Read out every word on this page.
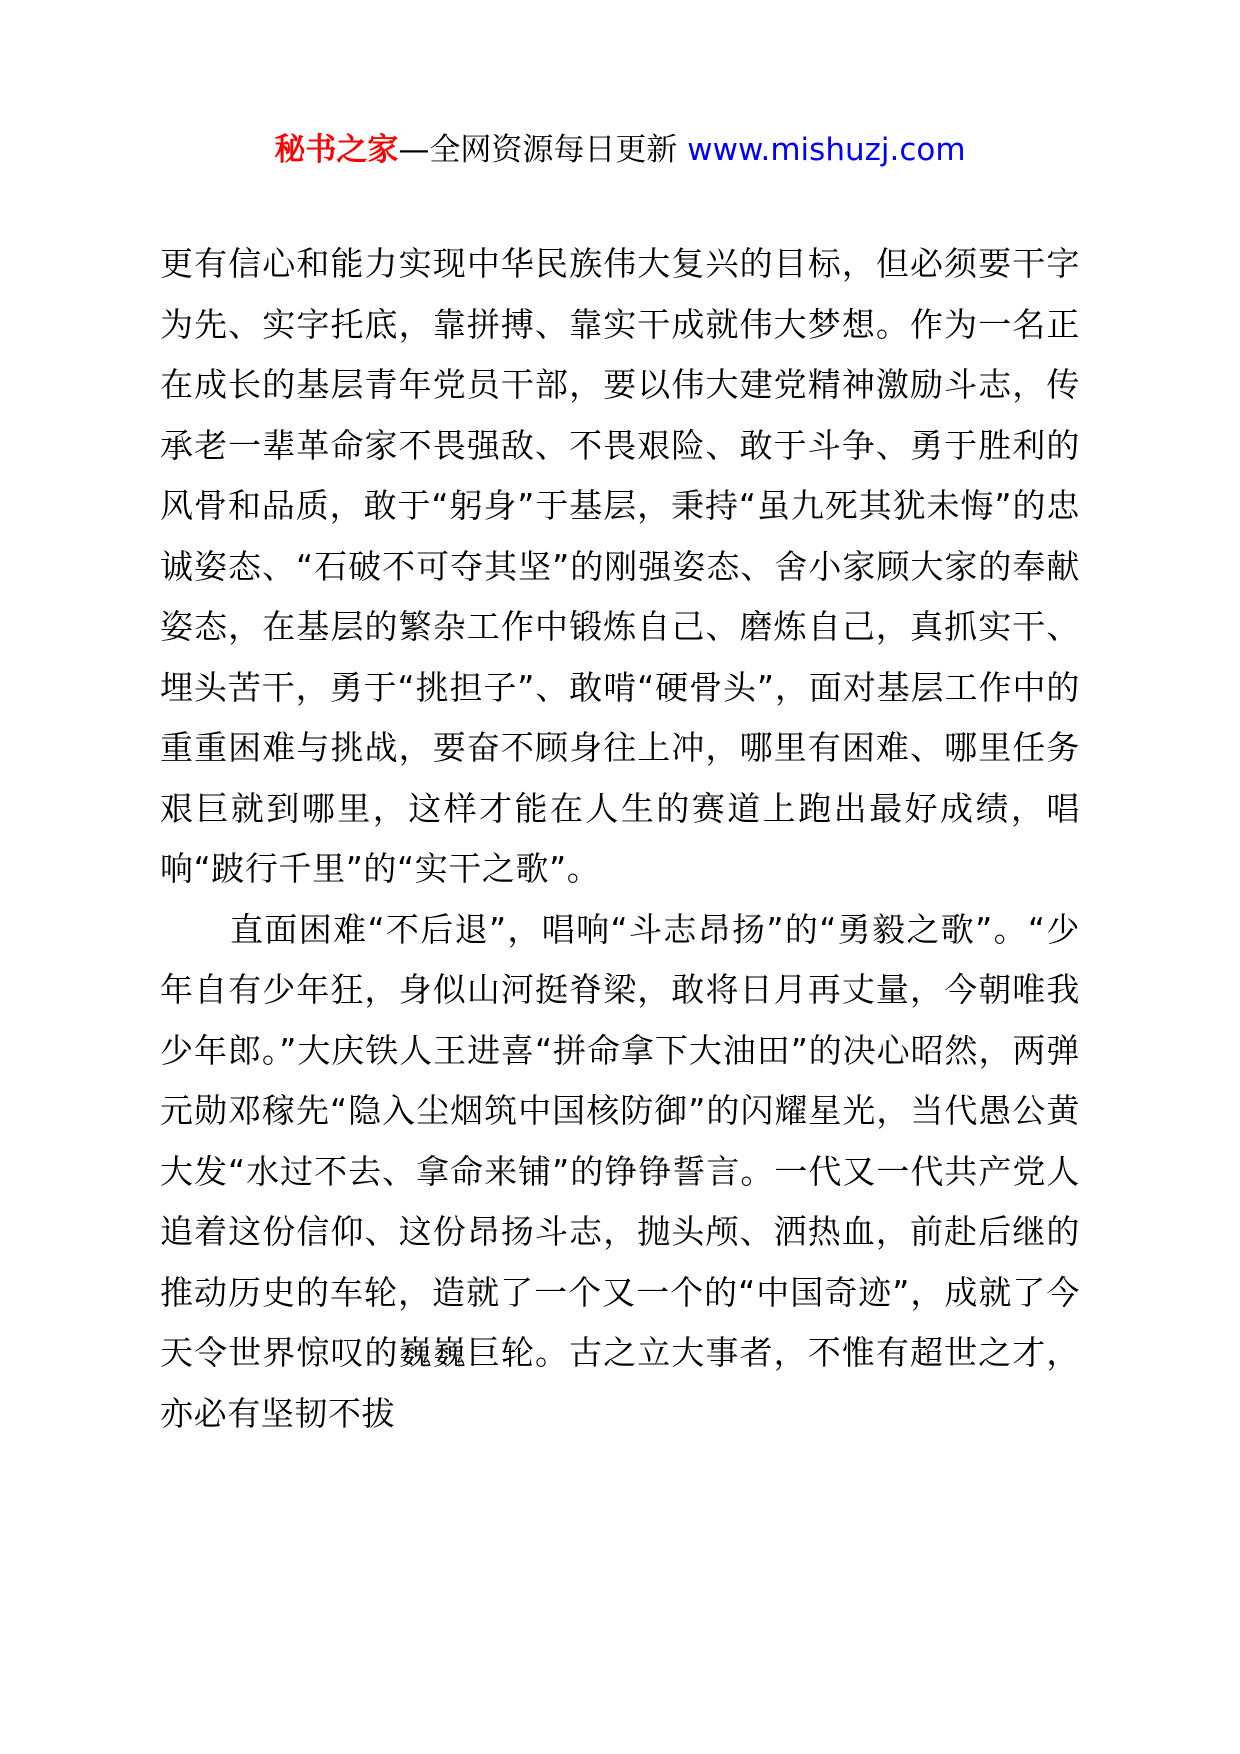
秘书之家—全网资源每日更新 www.mishuzj.com

更有信心和能力实现中华民族伟大复兴的目标，但必须要干字为先、实字托底，靠拼搏、靠实干成就伟大梦想。作为一名正在成长的基层青年党员干部，要以伟大建党精神激励斗志，传承老一辈革命家不畏强敌、不畏艰险、敢于斗争、勇于胜利的风骨和品质，敢于“躬身”于基层，秉持“虽九死其犹未悔”的忠诚姿态、“石破不可夺其坚”的刚强姿态、舍小家顾大家的奉献姿态，在基层的繁杂工作中锻炼自己、磨炼自己，真抓实干、埋头苦干，勇于“挑担子”、敢啃“硬骨头”，面对基层工作中的重重困难与挑战，要奋不顾身往上冲，哪里有困难、哪里任务艰巨就到哪里，这样才能在人生的赛道上跑出最好成绩，唱响“跛行千里”的“实干之歌”。

直面困难“不后退”，唱响“斗志昂扬”的“勇毅之歌”。“少年自有少年狂，身似山河挺脊梁，敢将日月再丈量，今朝唯我少年郎。”大庆铁人王进喜“拼命拿下大油田”的决心昭然，两弹元勋邓稼先“隐入尘烟筑中国核防御”的闪耀星光，当代愚公黄大发“水过不去、拿命来铺”的铮铮誓言。一代又一代共产党人追着这份信仰、这份昂扬斗志，抛头颅、洒热血，前赴后继的推动历史的车轮，造就了一个又一个的“中国奇迹”，成就了今天令世界惊叹的巍巍巨轮。古之立大事者，不惟有超世之才，亦必有坚韧不拔
